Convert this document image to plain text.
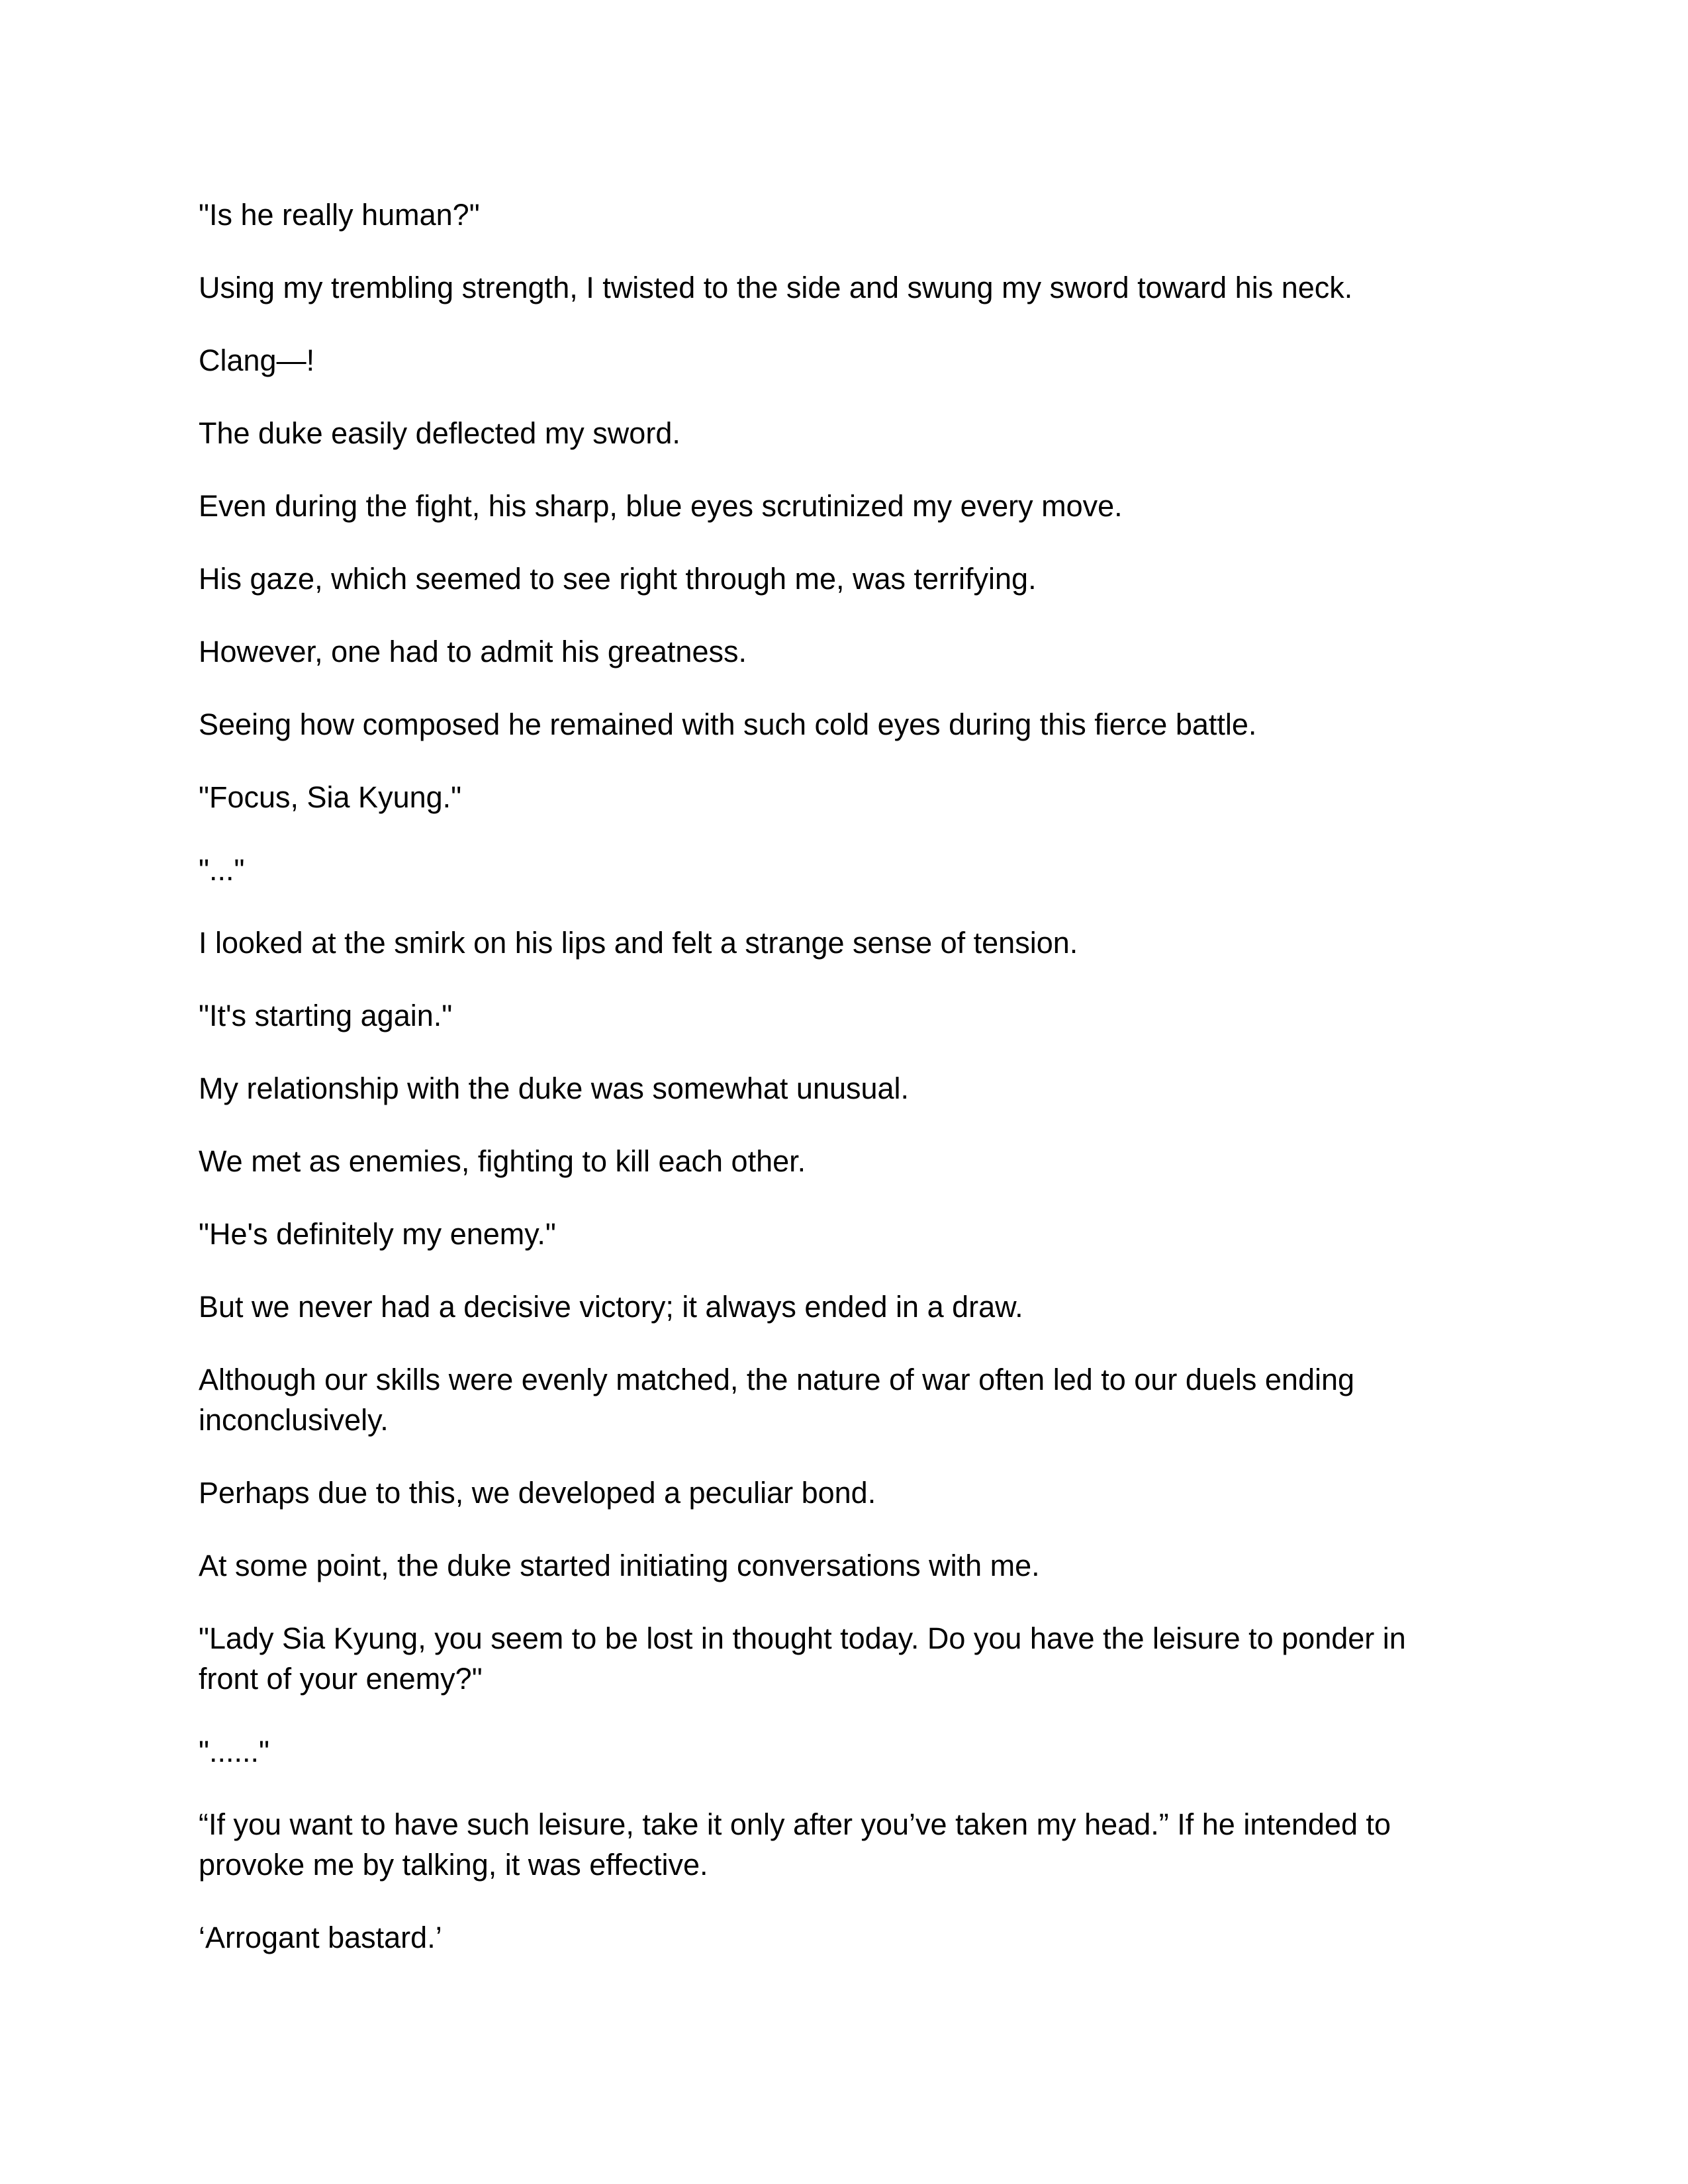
"Is he really human?"

Using my trembling strength, I twisted to the side and swung my sword toward his neck.

Clang—!

The duke easily deflected my sword.

Even during the fight, his sharp, blue eyes scrutinized my every move.

His gaze, which seemed to see right through me, was terrifying.

However, one had to admit his greatness.

Seeing how composed he remained with such cold eyes during this fierce battle.

"Focus, Sia Kyung."

"..."

I looked at the smirk on his lips and felt a strange sense of tension.

"It's starting again."

My relationship with the duke was somewhat unusual.

We met as enemies, fighting to kill each other.

"He's definitely my enemy."

But we never had a decisive victory; it always ended in a draw.

Although our skills were evenly matched, the nature of war often led to our duels ending inconclusively.

Perhaps due to this, we developed a peculiar bond.

At some point, the duke started initiating conversations with me.

"Lady Sia Kyung, you seem to be lost in thought today. Do you have the leisure to ponder in front of your enemy?"

"......"

“If you want to have such leisure, take it only after you’ve taken my head.” If he intended to provoke me by talking, it was effective.

‘Arrogant bastard.’
